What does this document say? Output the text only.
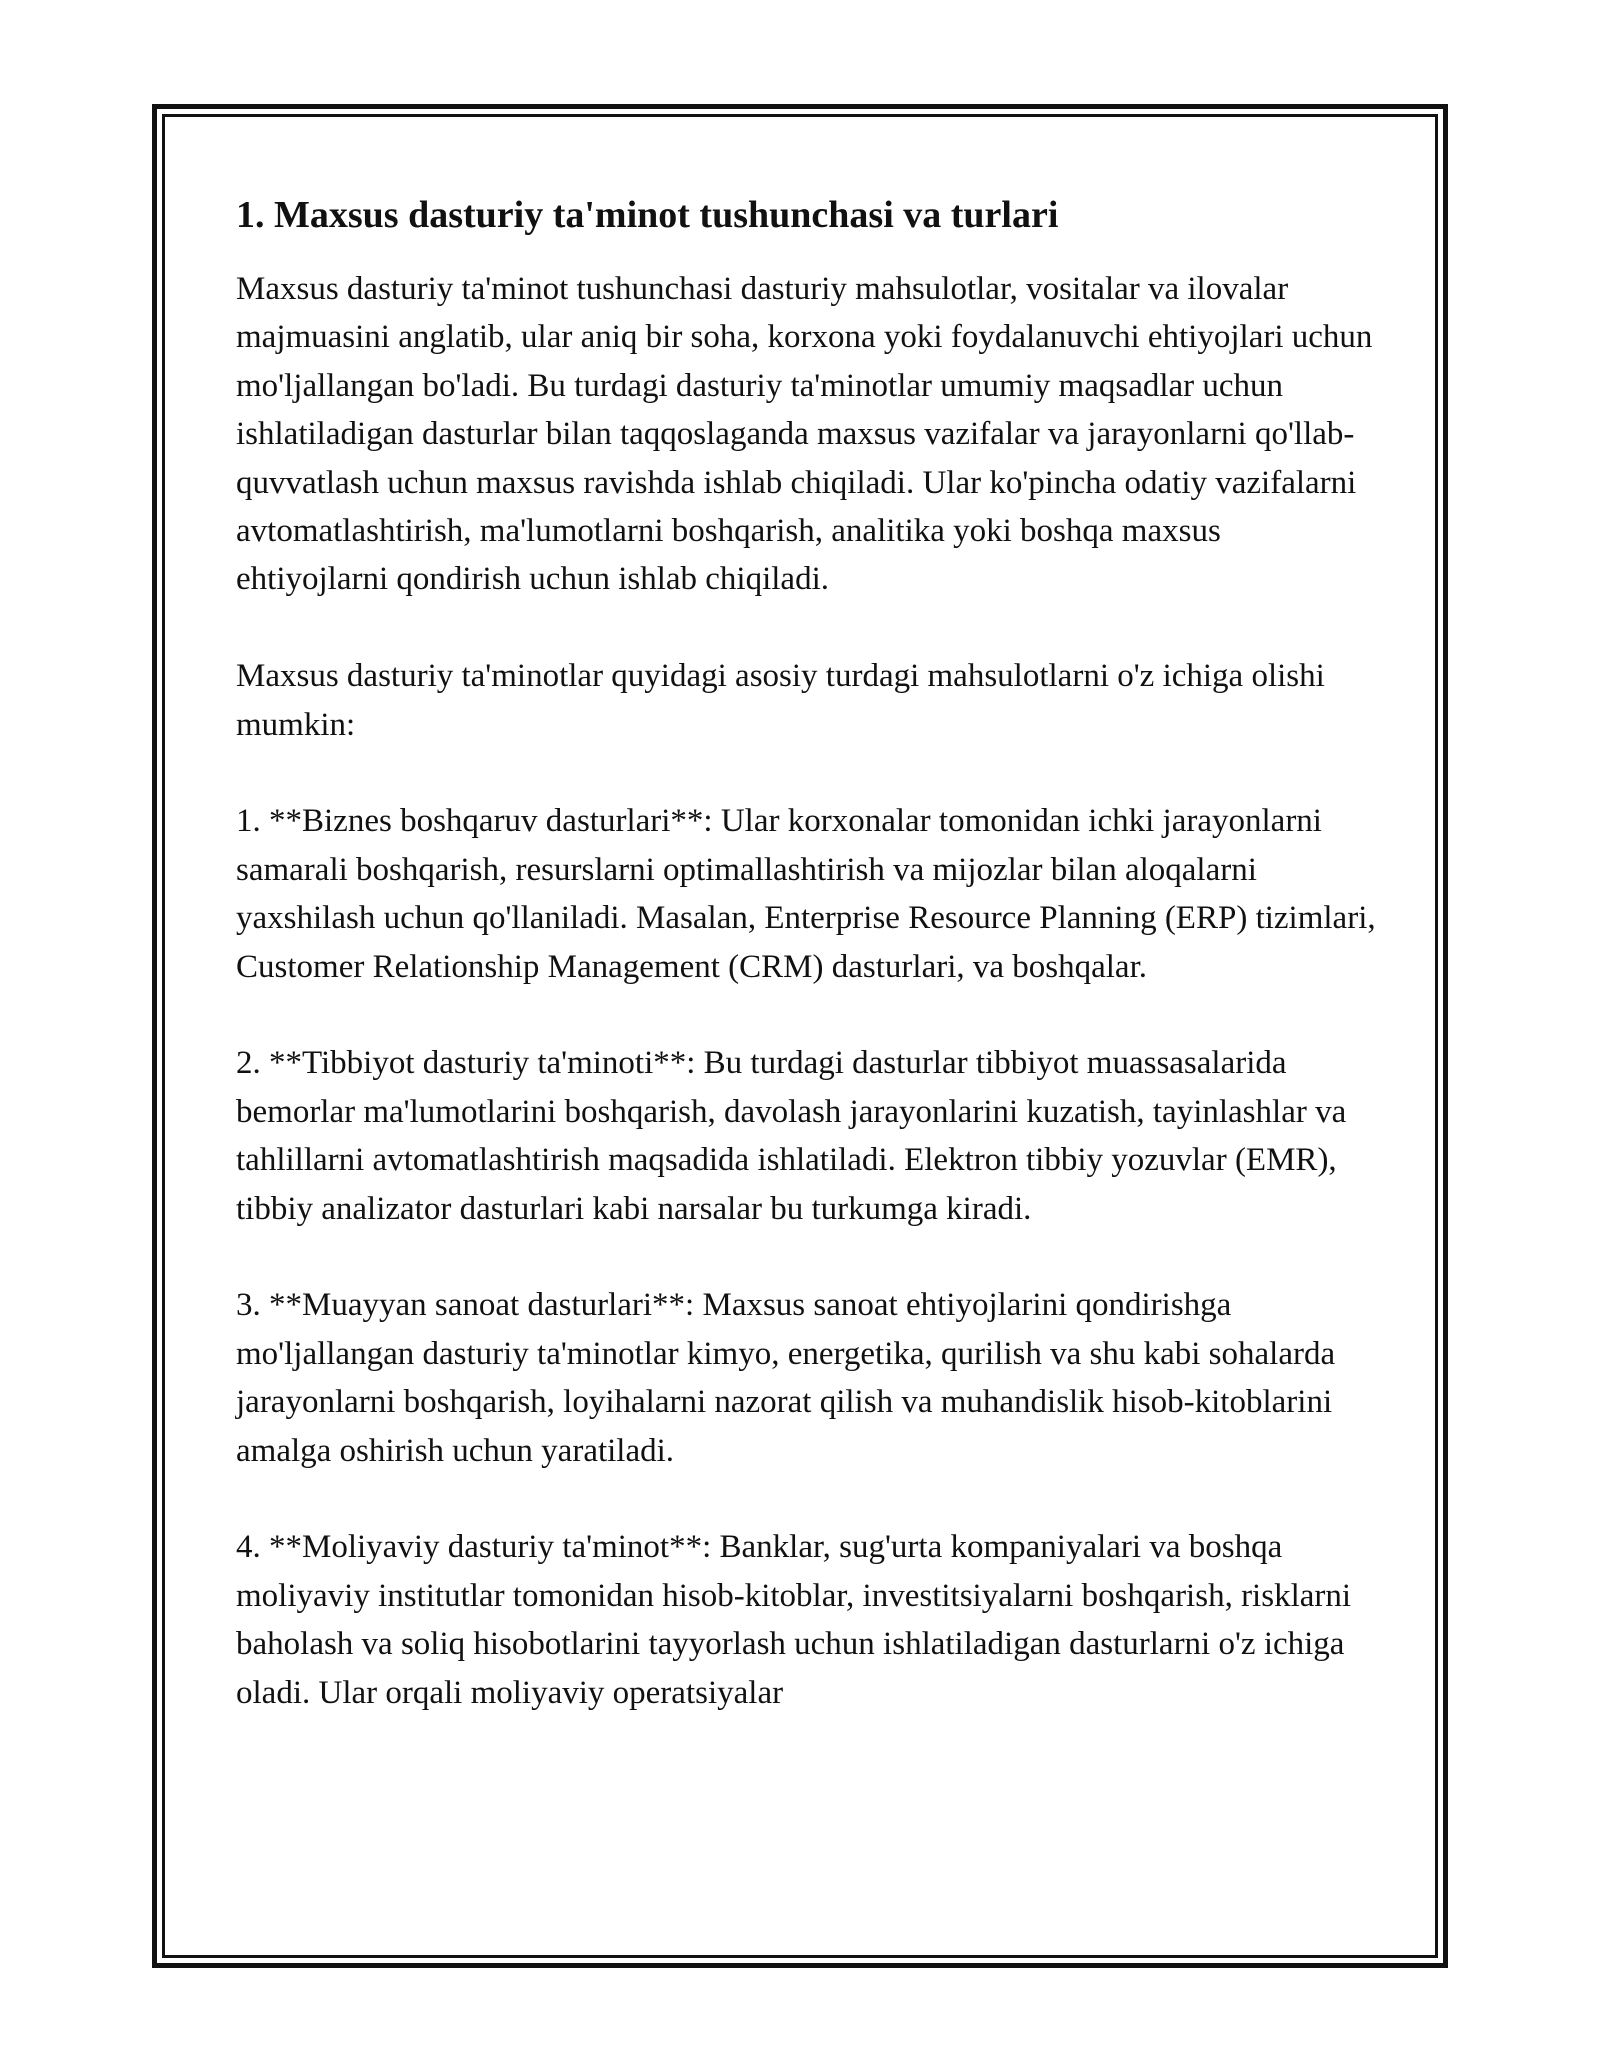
1. Maxsus dasturiy ta'minot tushunchasi va turlari

Maxsus dasturiy ta'minot tushunchasi dasturiy mahsulotlar, vositalar va ilovalar majmuasini anglatib, ular aniq bir soha, korxona yoki foydalanuvchi ehtiyojlari uchun mo'ljallangan bo'ladi. Bu turdagi dasturiy ta'minotlar umumiy maqsadlar uchun ishlatiladigan dasturlar bilan taqqoslaganda maxsus vazifalar va jarayonlarni qo'llab-quvvatlash uchun maxsus ravishda ishlab chiqiladi. Ular ko'pincha odatiy vazifalarni avtomatlashtirish, ma'lumotlarni boshqarish, analitika yoki boshqa maxsus ehtiyojlarni qondirish uchun ishlab chiqiladi.

Maxsus dasturiy ta'minotlar quyidagi asosiy turdagi mahsulotlarni o'z ichiga olishi mumkin:

1. **Biznes boshqaruv dasturlari**: Ular korxonalar tomonidan ichki jarayonlarni samarali boshqarish, resurslarni optimallashtirish va mijozlar bilan aloqalarni yaxshilash uchun qo'llaniladi. Masalan, Enterprise Resource Planning (ERP) tizimlari, Customer Relationship Management (CRM) dasturlari, va boshqalar.

2. **Tibbiyot dasturiy ta'minoti**: Bu turdagi dasturlar tibbiyot muassasalarida bemorlar ma'lumotlarini boshqarish, davolash jarayonlarini kuzatish, tayinlashlar va tahlillarni avtomatlashtirish maqsadida ishlatiladi. Elektron tibbiy yozuvlar (EMR), tibbiy analizator dasturlari kabi narsalar bu turkumga kiradi.

3. **Muayyan sanoat dasturlari**: Maxsus sanoat ehtiyojlarini qondirishga mo'ljallangan dasturiy ta'minotlar kimyo, energetika, qurilish va shu kabi sohalarda jarayonlarni boshqarish, loyihalarni nazorat qilish va muhandislik hisob-kitoblarini amalga oshirish uchun yaratiladi.

4. **Moliyaviy dasturiy ta'minot**: Banklar, sug'urta kompaniyalari va boshqa moliyaviy institutlar tomonidan hisob-kitoblar, investitsiyalarni boshqarish, risklarni baholash va soliq hisobotlarini tayyorlash uchun ishlatiladigan dasturlarni o'z ichiga oladi. Ular orqali moliyaviy operatsiyalar
